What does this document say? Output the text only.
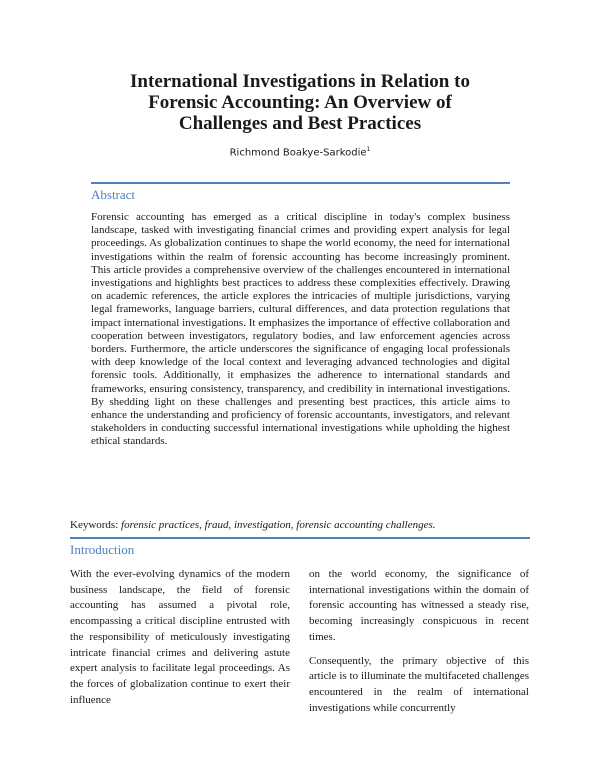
International Investigations in Relation to
Forensic Accounting: An Overview of
Challenges and Best Practices
Richmond Boakye-Sarkodie$^1$
Abstract
Forensic accounting has emerged as a critical discipline in today's complex business landscape, tasked with investigating financial crimes and providing expert analysis for legal proceedings. As globalization continues to shape the world economy, the need for international investigations within the realm of forensic accounting has become increasingly prominent. This article provides a comprehensive overview of the challenges encountered in international investigations and highlights best practices to address these complexities effectively. Drawing on academic references, the article explores the intricacies of multiple jurisdictions, varying legal frameworks, language barriers, cultural differences, and data protection regulations that impact international investigations. It emphasizes the importance of effective collaboration and cooperation between investigators, regulatory bodies, and law enforcement agencies across borders. Furthermore, the article underscores the significance of engaging local professionals with deep knowledge of the local context and leveraging advanced technologies and digital forensic tools. Additionally, it emphasizes the adherence to international standards and frameworks, ensuring consistency, transparency, and credibility in international investigations. By shedding light on these challenges and presenting best practices, this article aims to enhance the understanding and proficiency of forensic accountants, investigators, and relevant stakeholders in conducting successful international investigations while upholding the highest ethical standards.
Keywords: forensic practices, fraud, investigation, forensic accounting challenges.
Introduction

With the ever-evolving dynamics of the modern business landscape, the field of forensic accounting has assumed a pivotal role, encompassing a critical discipline entrusted with the responsibility of meticulously investigating intricate financial crimes and delivering astute expert analysis to facilitate legal proceedings. As the forces of globalization continue to exert their influence

on the world economy, the significance of international investigations within the domain of forensic accounting has witnessed a steady rise, becoming increasingly conspicuous in recent times.

Consequently, the primary objective of this article is to illuminate the multifaceted challenges encountered in the realm of international investigations while concurrently
